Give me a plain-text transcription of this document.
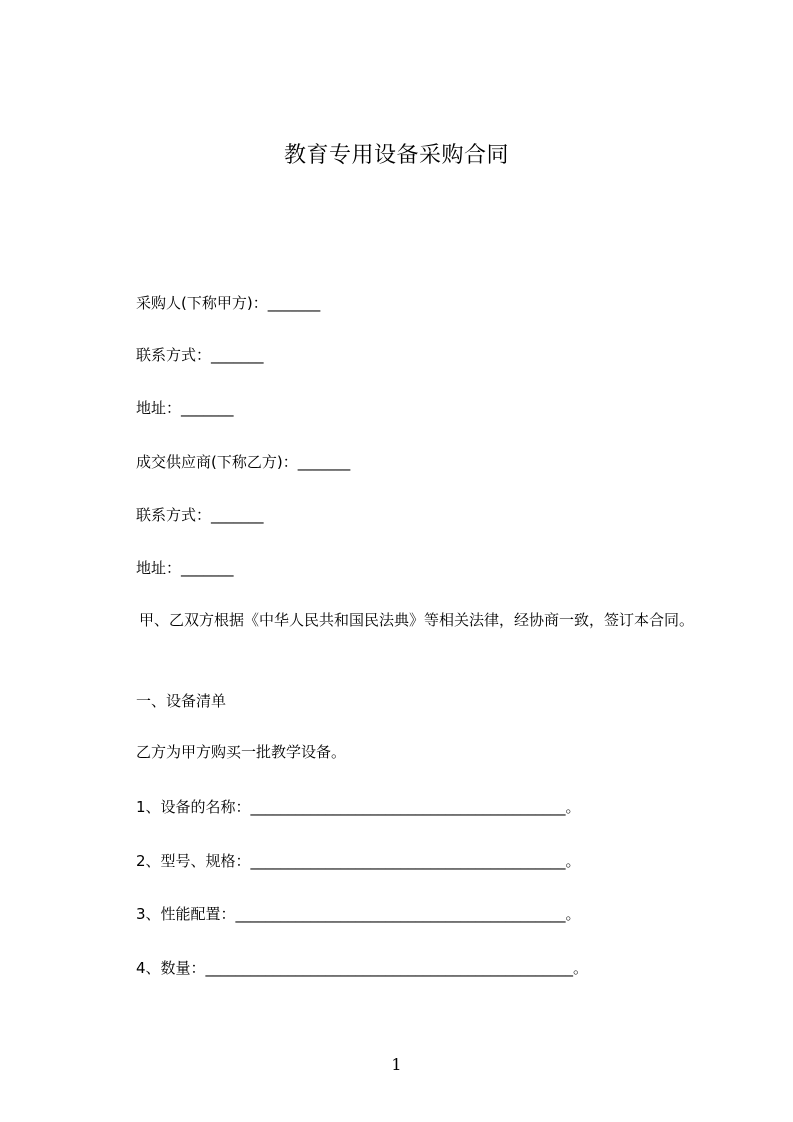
教育专用设备采购合同
采购人(下称甲方)：_______
联系方式：_______
地址：_______
成交供应商(下称乙方)：_______
联系方式：_______
地址：_______
甲、乙双方根据《中华人民共和国民法典》等相关法律，经协商一致，签订本合同。
一、设备清单
乙方为甲方购买一批教学设备。
1、设备的名称：__________________________________________。
2、型号、规格：__________________________________________。
3、性能配置：____________________________________________。
4、数量：_________________________________________________。
1
